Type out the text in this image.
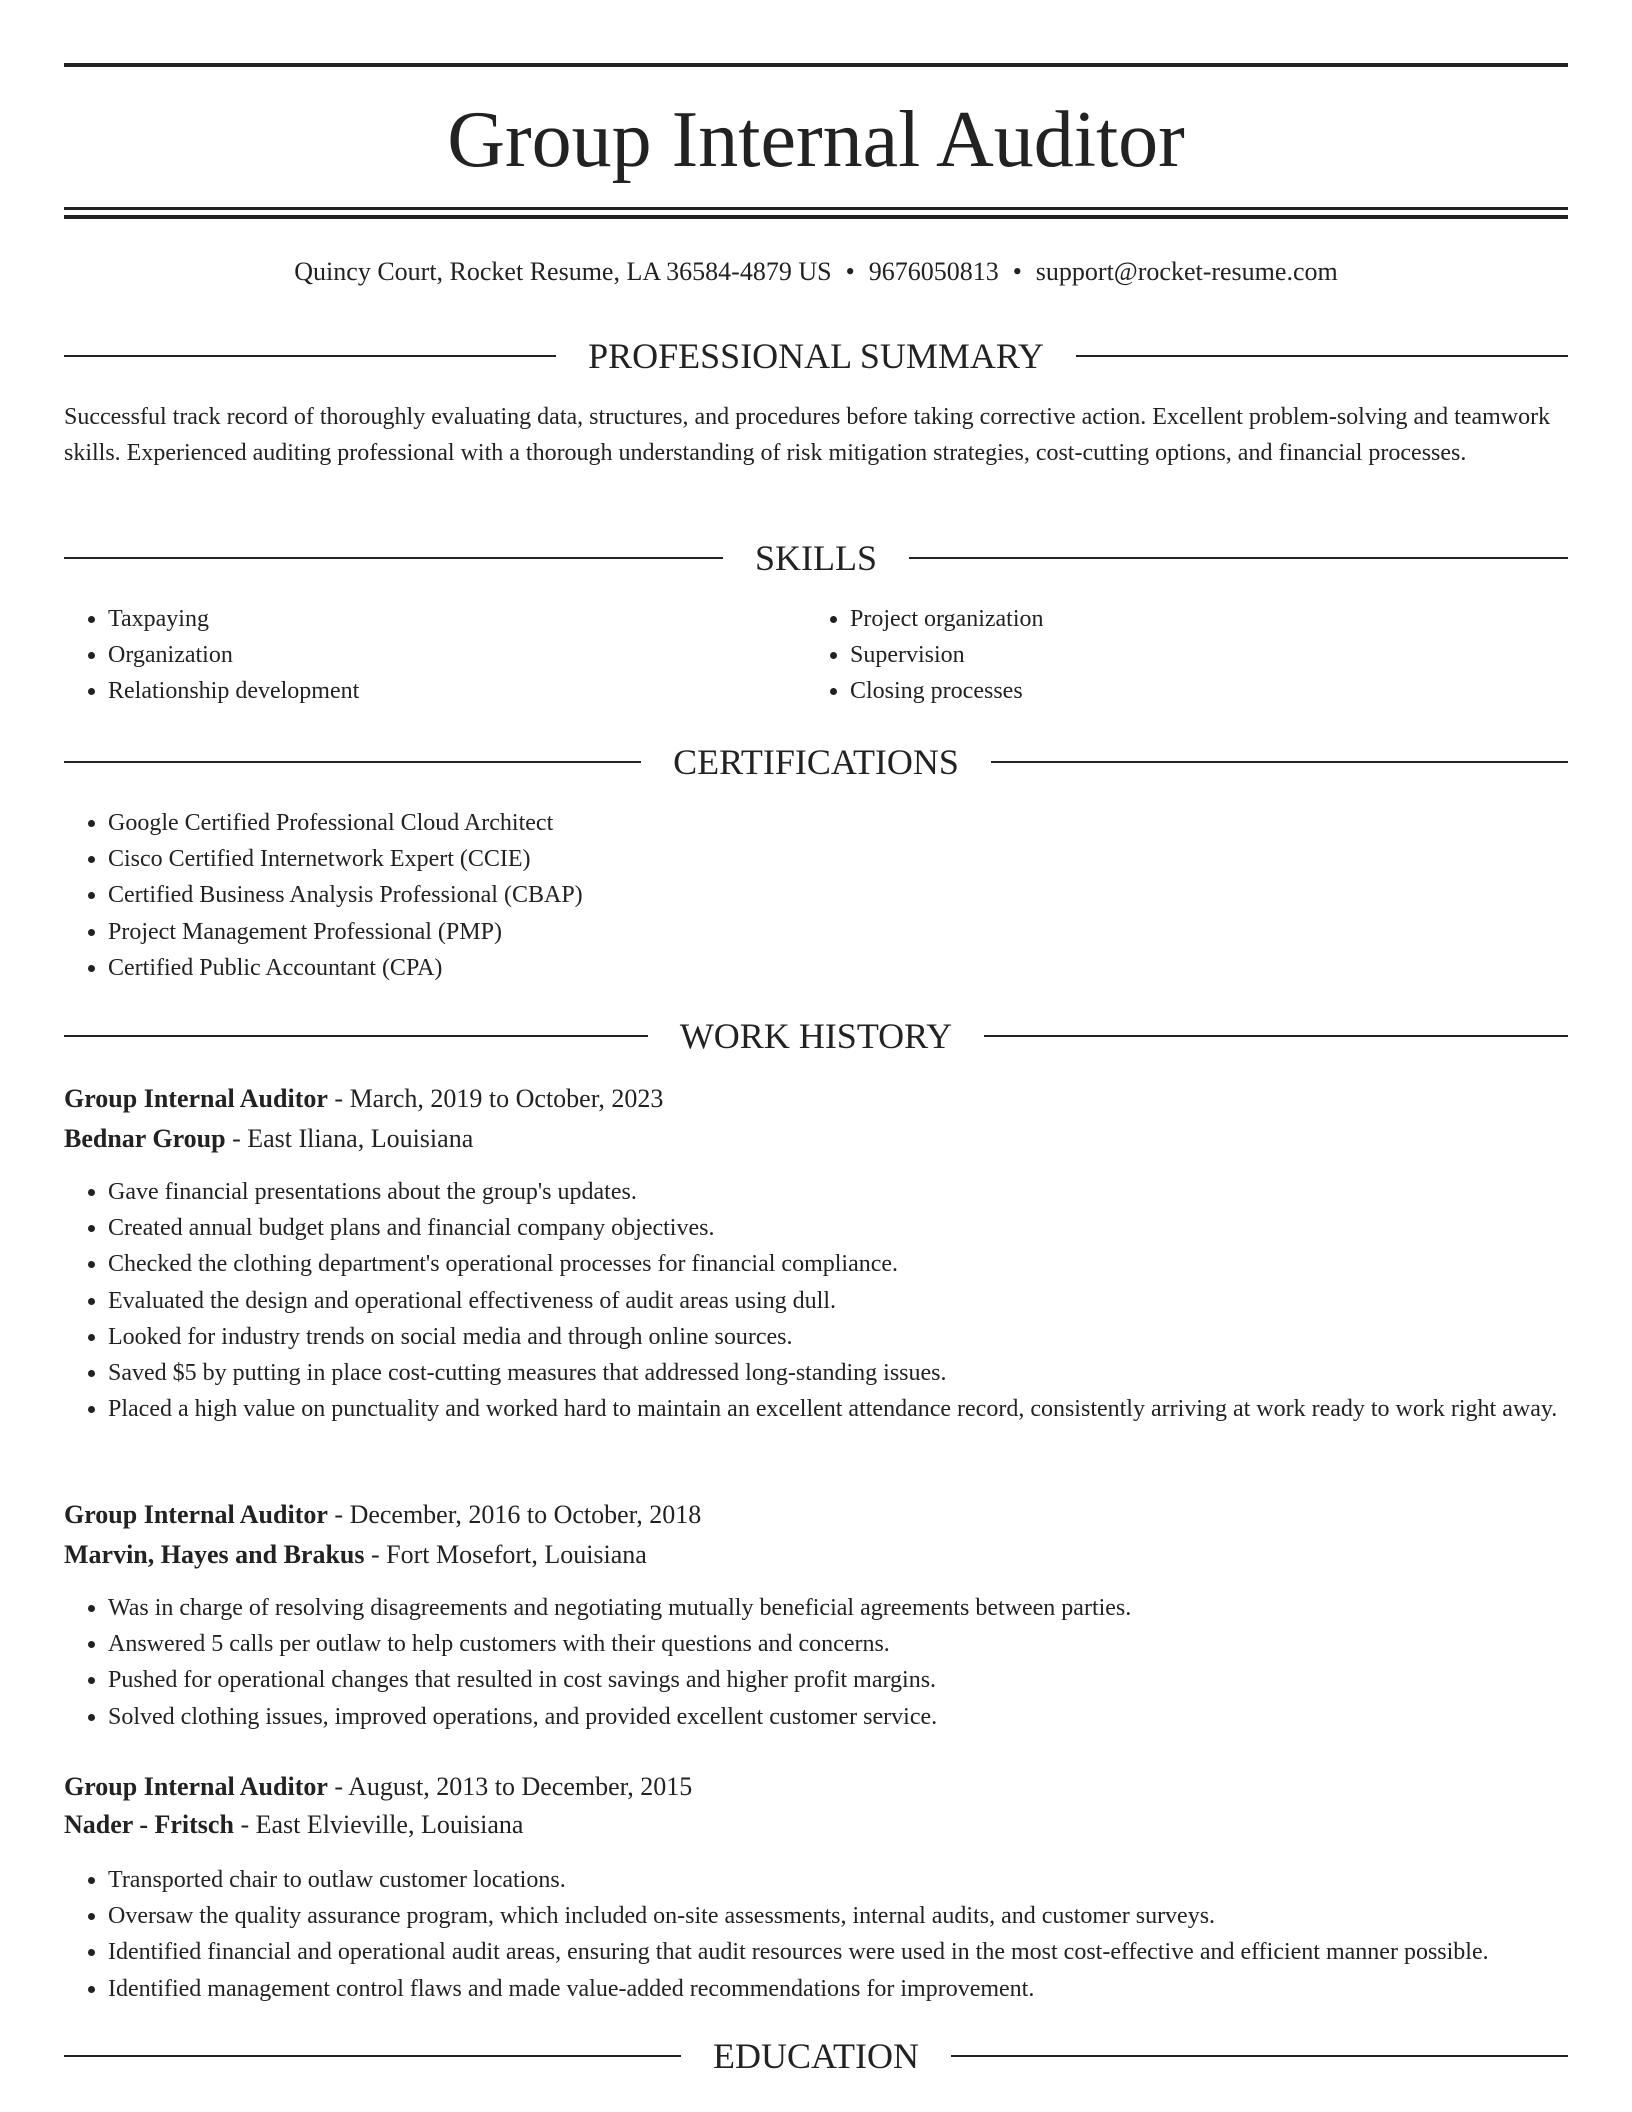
Group Internal Auditor
Quincy Court, Rocket Resume, LA 36584-4879 US • 9676050813 • support@rocket-resume.com
PROFESSIONAL SUMMARY

Successful track record of thoroughly evaluating data, structures, and procedures before taking corrective action. Excellent problem-solving and teamwork skills. Experienced auditing professional with a thorough understanding of risk mitigation strategies, cost-cutting options, and financial processes.

SKILLS
• Taxpaying
• Organization
• Relationship development
• Project organization
• Supervision
• Closing processes
CERTIFICATIONS
• Google Certified Professional Cloud Architect
• Cisco Certified Internetwork Expert (CCIE)
• Certified Business Analysis Professional (CBAP)
• Project Management Professional (PMP)
• Certified Public Accountant (CPA)
WORK HISTORY
Group Internal Auditor - March, 2019 to October, 2023
Bednar Group - East Iliana, Louisiana
• Gave financial presentations about the group's updates.
• Created annual budget plans and financial company objectives.
• Checked the clothing department's operational processes for financial compliance.
• Evaluated the design and operational effectiveness of audit areas using dull.
• Looked for industry trends on social media and through online sources.
• Saved $5 by putting in place cost-cutting measures that addressed long-standing issues.
• Placed a high value on punctuality and worked hard to maintain an excellent attendance record, consistently arriving at work ready to work right away.
Group Internal Auditor - December, 2016 to October, 2018
Marvin, Hayes and Brakus - Fort Mosefort, Louisiana
• Was in charge of resolving disagreements and negotiating mutually beneficial agreements between parties.
• Answered 5 calls per outlaw to help customers with their questions and concerns.
• Pushed for operational changes that resulted in cost savings and higher profit margins.
• Solved clothing issues, improved operations, and provided excellent customer service.
Group Internal Auditor - August, 2013 to December, 2015
Nader - Fritsch - East Elvieville, Louisiana
• Transported chair to outlaw customer locations.
• Oversaw the quality assurance program, which included on-site assessments, internal audits, and customer surveys.
• Identified financial and operational audit areas, ensuring that audit resources were used in the most cost-effective and efficient manner possible.
• Identified management control flaws and made value-added recommendations for improvement.
EDUCATION
